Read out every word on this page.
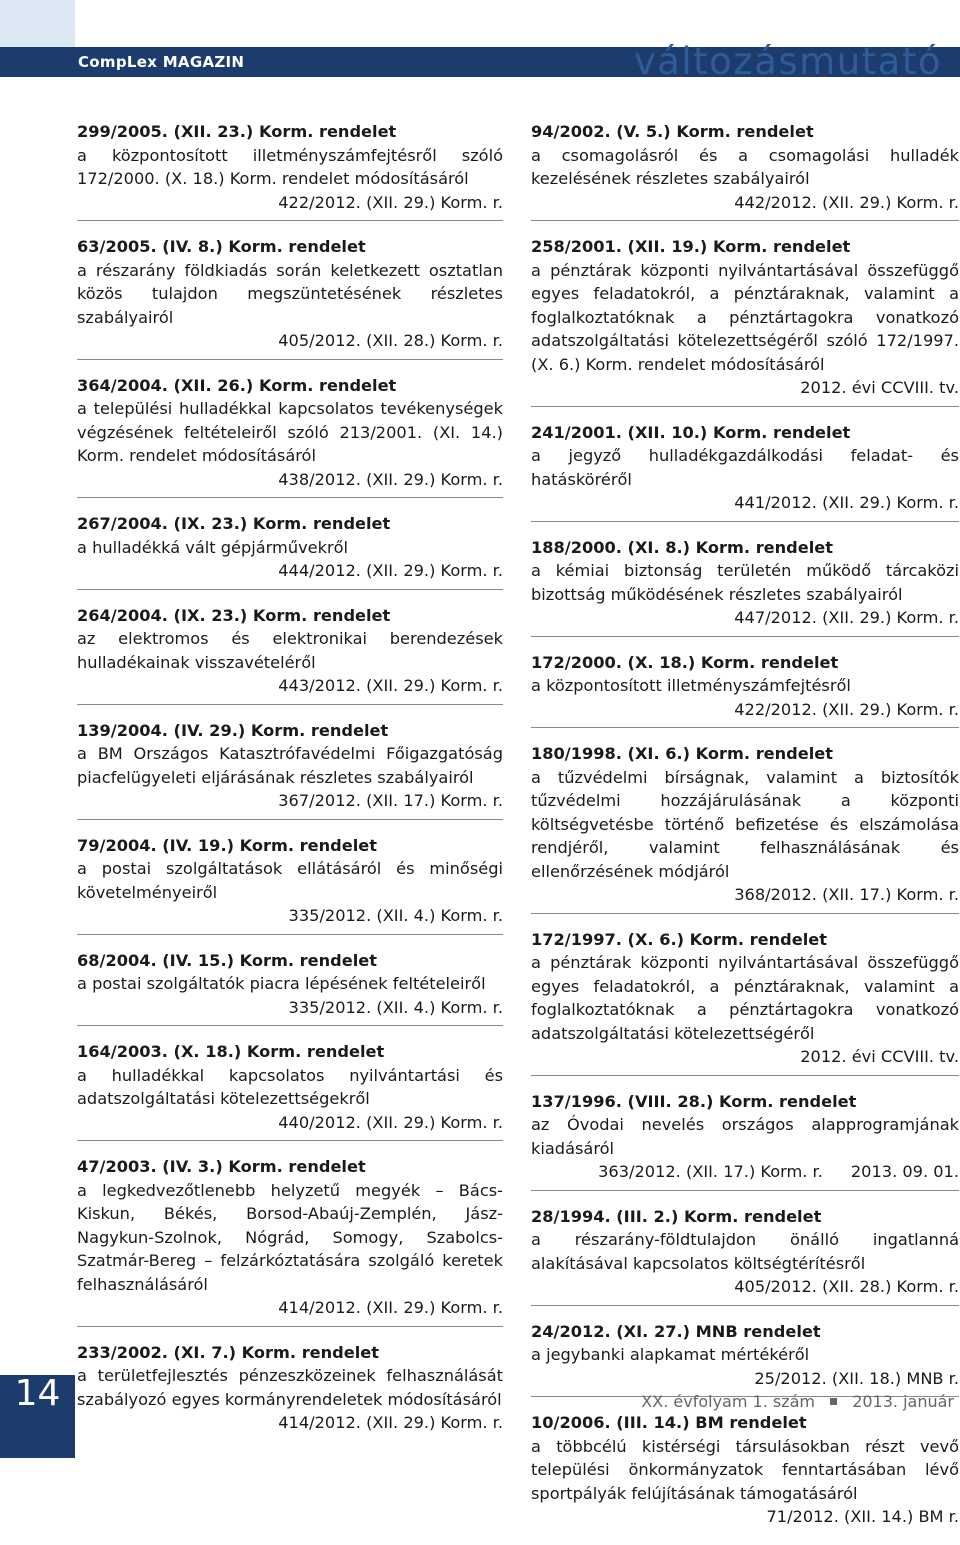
CompLex MAGAZIN	változásmutató
299/2005. (XII. 23.) Korm. rendelet
a központosított illetményszámfejtésről szóló 172/2000. (X. 18.) Korm. rendelet módosításáról
422/2012. (XII. 29.) Korm. r.
63/2005. (IV. 8.) Korm. rendelet
a részarány földkiadás során keletkezett osztatlan közös tulajdon megszüntetésének részletes szabályairól
405/2012. (XII. 28.) Korm. r.
364/2004. (XII. 26.) Korm. rendelet
a települési hulladékkal kapcsolatos tevékenységek végzésének feltételeiről szóló 213/2001. (XI. 14.) Korm. rendelet módosításáról
438/2012. (XII. 29.) Korm. r.
267/2004. (IX. 23.) Korm. rendelet
a hulladékká vált gépjárművekről
444/2012. (XII. 29.) Korm. r.
264/2004. (IX. 23.) Korm. rendelet
az elektromos és elektronikai berendezések hulladékainak visszavételéről
443/2012. (XII. 29.) Korm. r.
139/2004. (IV. 29.) Korm. rendelet
a BM Országos Katasztrófavédelmi Főigazgatóság piacfelügyeleti eljárásának részletes szabályairól
367/2012. (XII. 17.) Korm. r.
79/2004. (IV. 19.) Korm. rendelet
a postai szolgáltatások ellátásáról és minőségi követelményeiről
335/2012. (XII. 4.) Korm. r.
68/2004. (IV. 15.) Korm. rendelet
a postai szolgáltatók piacra lépésének feltételeiről
335/2012. (XII. 4.) Korm. r.
164/2003. (X. 18.) Korm. rendelet
a hulladékkal kapcsolatos nyilvántartási és adatszolgáltatási kötelezettségekről
440/2012. (XII. 29.) Korm. r.
47/2003. (IV. 3.) Korm. rendelet
a legkedvezőtlenebb helyzetű megyék – Bács-Kiskun, Békés, Borsod-Abaúj-Zemplén, Jász-Nagykun-Szolnok, Nógrád, Somogy, Szabolcs-Szatmár-Bereg – felzárkóztatására szolgáló keretek felhasználásáról
414/2012. (XII. 29.) Korm. r.
233/2002. (XI. 7.) Korm. rendelet
a területfejlesztés pénzeszközeinek felhasználását szabályozó egyes kormányrendeletek módosításáról
414/2012. (XII. 29.) Korm. r.
94/2002. (V. 5.) Korm. rendelet
a csomagolásról és a csomagolási hulladék kezelésének részletes szabályairól
442/2012. (XII. 29.) Korm. r.
258/2001. (XII. 19.) Korm. rendelet
a pénztárak központi nyilvántartásával összefüggő egyes feladatokról, a pénztáraknak, valamint a foglalkoztatóknak a pénztártagokra vonatkozó adatszolgáltatási kötelezettségéről szóló 172/1997. (X. 6.) Korm. rendelet módosításáról
2012. évi CCVIII. tv.
241/2001. (XII. 10.) Korm. rendelet
a jegyző hulladékgazdálkodási feladat- és hatásköréről
441/2012. (XII. 29.) Korm. r.
188/2000. (XI. 8.) Korm. rendelet
a kémiai biztonság területén működő tárcaközi bizottság működésének részletes szabályairól
447/2012. (XII. 29.) Korm. r.
172/2000. (X. 18.) Korm. rendelet
a központosított illetményszámfejtésről
422/2012. (XII. 29.) Korm. r.
180/1998. (XI. 6.) Korm. rendelet
a tűzvédelmi bírságnak, valamint a biztosítók tűzvédelmi hozzájárulásának a központi költségvetésbe történő befizetése és elszámolása rendjéről, valamint felhasználásának és ellenőrzésének módjáról
368/2012. (XII. 17.) Korm. r.
172/1997. (X. 6.) Korm. rendelet
a pénztárak központi nyilvántartásával összefüggő egyes feladatokról, a pénztáraknak, valamint a foglalkoztatóknak a pénztártagokra vonatkozó adatszolgáltatási kötelezettségéről
2012. évi CCVIII. tv.
137/1996. (VIII. 28.) Korm. rendelet
az Óvodai nevelés országos alapprogramjának kiadásáról
363/2012. (XII. 17.) Korm. r. 2013. 09. 01.
28/1994. (III. 2.) Korm. rendelet
a részarány-földtulajdon önálló ingatlanná alakításával kapcsolatos költségtérítésről
405/2012. (XII. 28.) Korm. r.
24/2012. (XI. 27.) MNB rendelet
a jegybanki alapkamat mértékéről
25/2012. (XII. 18.) MNB r.
10/2006. (III. 14.) BM rendelet
a többcélú kistérségi társulásokban részt vevő települési önkormányzatok fenntartásában lévő sportpályák felújításának támogatásáról
71/2012. (XII. 14.) BM r.
14	XX. évfolyam 1. szám 2013. január
